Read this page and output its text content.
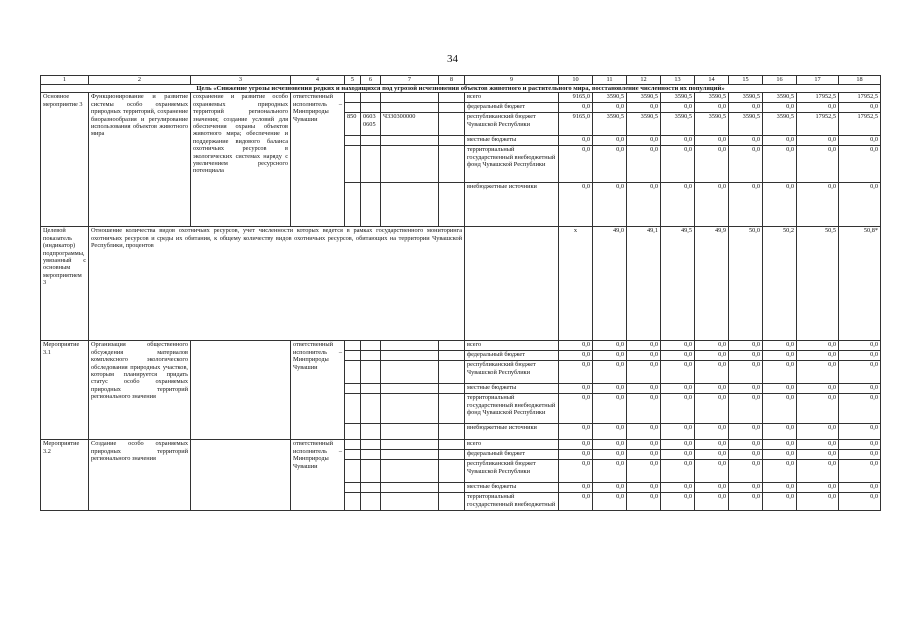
34
1	2	3	4	5	6	7	8	9	10	11	12	13	14	15	16	17	18	
Цель «Снижение угрозы исчезновения редких и находящихся под угрозой исчезновения объектов животного и растительного мира, восстановление численности их популяций»																		
Основное мероприятие 3	Функционирование и развитие системы особо охраняемых природных территорий, сохранение биоразнообразия и регулирование использования объектов животного мира	сохранение и развитие особо охраняемых природных территорий регионального значения; создание условий для обеспечения охраны объектов животного мира; обеспечение и поддержание видового баланса охотничьих ресурсов в экологических системах наряду с увеличением ресурсного потенциала	ответственный исполнитель – Минприроды Чувашии					всего	9165,0	3590,5	3590,5	3590,5	3590,5	3590,5	3590,5	17952,5	17952,5	
								федеральный бюджет	0,0	0,0	0,0	0,0	0,0	0,0	0,0	0,0	0,0	
				850	0603 0605	Ч330300000		республиканский бюджет Чувашской Республики	9165,0	3590,5	3590,5	3590,5	3590,5	3590,5	3590,5	17952,5	17952,5	
								местные бюджеты	0,0	0,0	0,0	0,0	0,0	0,0	0,0	0,0	0,0	
								территориальный государственный внебюджетный фонд Чувашской Республики	0,0	0,0	0,0	0,0	0,0	0,0	0,0	0,0	0,0	
								внебюджетные источники	0,0	0,0	0,0	0,0	0,0	0,0	0,0	0,0	0,0	
Целевой показатель (индикатор) подпрограммы, увязанный с основным мероприятием 3	Отношение количества видов охотничьих ресурсов, учет численности которых ведется в рамках государственного мониторинга охотничьих ресурсов и среды их обитания, к общему количеству видов охотничьих ресурсов, обитающих на территории Чувашской Республики, процентов								х	49,0	49,1	49,5	49,9	50,0	50,2	50,5	50,8*	
Мероприятие 3.1	Организация общественного обсуждения материалов комплексного экологического обследования природных участков, которым планируется придать статус особо охраняемых природных территорий регионального значения		ответственный исполнитель – Минприроды Чувашии					всего	0,0	0,0	0,0	0,0	0,0	0,0	0,0	0,0	0,0	
								федеральный бюджет	0,0	0,0	0,0	0,0	0,0	0,0	0,0	0,0	0,0	
								республиканский бюджет Чувашской Республики	0,0	0,0	0,0	0,0	0,0	0,0	0,0	0,0	0,0	
								местные бюджеты	0,0	0,0	0,0	0,0	0,0	0,0	0,0	0,0	0,0	
								территориальный государственный внебюджетный фонд Чувашской Республики	0,0	0,0	0,0	0,0	0,0	0,0	0,0	0,0	0,0	
								внебюджетные источники	0,0	0,0	0,0	0,0	0,0	0,0	0,0	0,0	0,0	
Мероприятие 3.2	Создание особо охраняемых природных территорий регионального значения		ответственный исполнитель – Минприроды Чувашии					всего	0,0	0,0	0,0	0,0	0,0	0,0	0,0	0,0	0,0	
								федеральный бюджет	0,0	0,0	0,0	0,0	0,0	0,0	0,0	0,0	0,0	
								республиканский бюджет Чувашской Республики	0,0	0,0	0,0	0,0	0,0	0,0	0,0	0,0	0,0	
								местные бюджеты	0,0	0,0	0,0	0,0	0,0	0,0	0,0	0,0	0,0	
								территориальный государственный внебюджетный	0,0	0,0	0,0	0,0	0,0	0,0	0,0	0,0	0,0	
